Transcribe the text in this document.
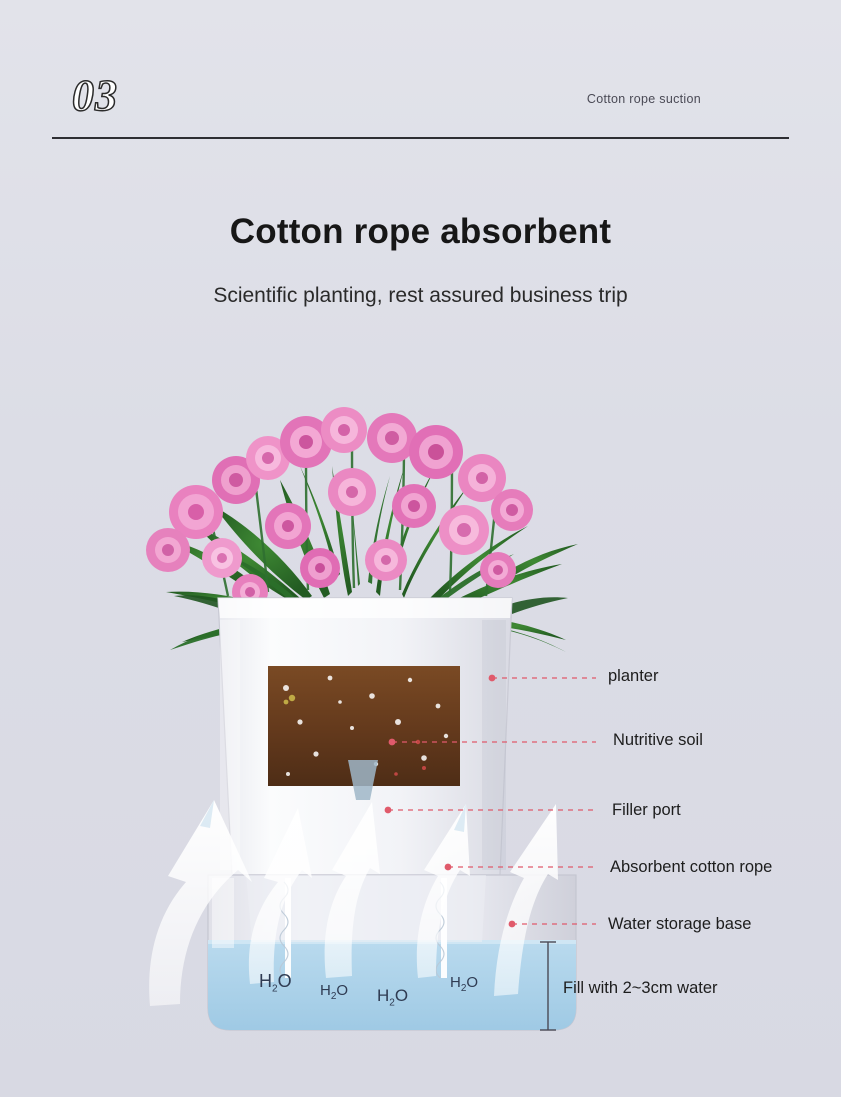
03	Cotton rope suction
Cotton rope absorbent
Scientific planting, rest assured business trip
planter
Nutritive soil
Filler port
Absorbent cotton rope
Water storage base
Fill with 2~3cm water
$H_2O$ $H_2O$ $H_2O$
$H_2O$
